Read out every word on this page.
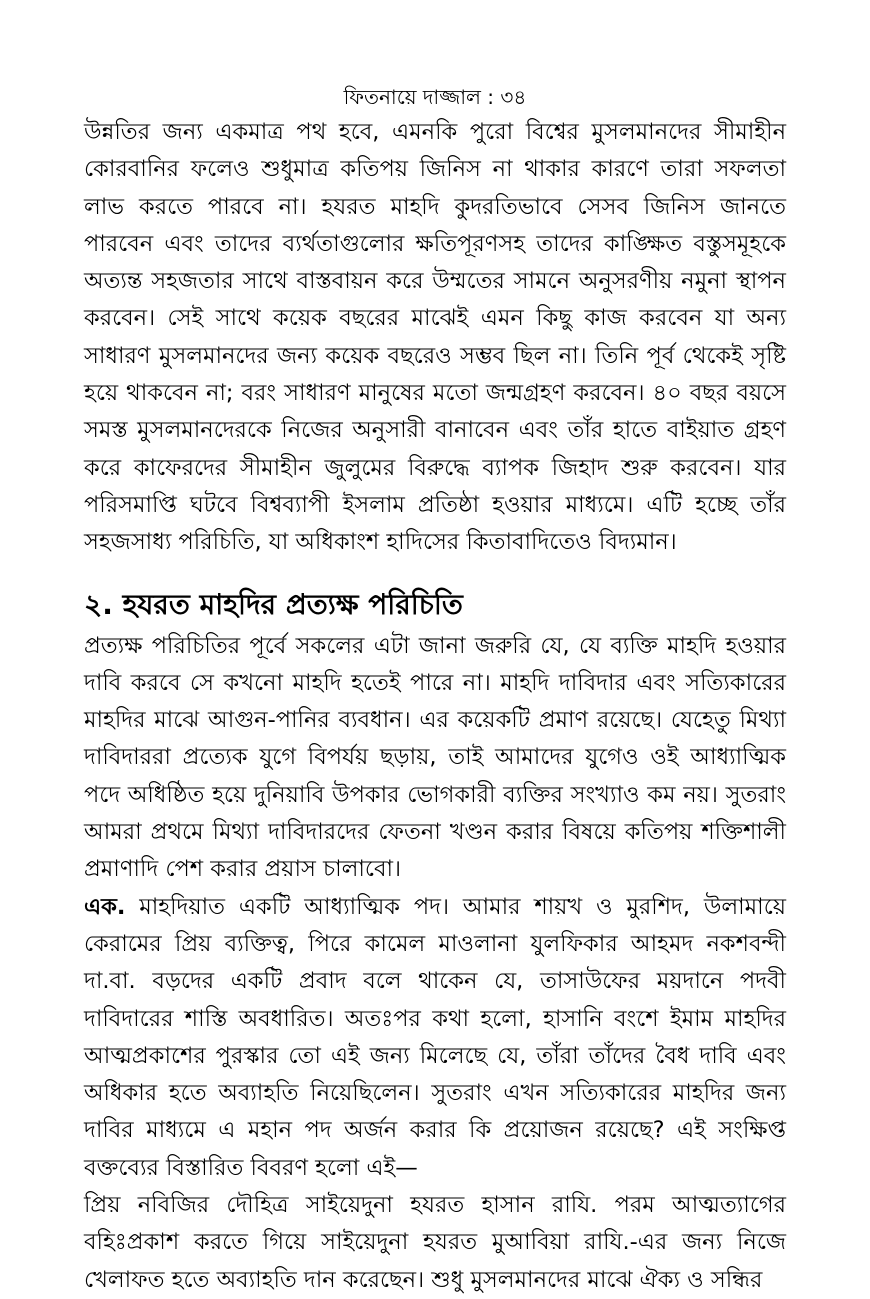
ফিতনায়ে দাজ্জাল : ৩৪

উন্নতির জন্য একমাত্র পথ হবে, এমনকি পুরো বিশ্বের মুসলমানদের সীমাহীন কোরবানির ফলেও শুধুমাত্র কতিপয় জিনিস না থাকার কারণে তারা সফলতা লাভ করতে পারবে না। হযরত মাহদি কুদরতিভাবে সেসব জিনিস জানতে পারবেন এবং তাদের ব্যর্থতাগুলোর ক্ষতিপূরণসহ তাদের কাঙ্ক্ষিত বস্তুসমূহকে অত্যন্ত সহজতার সাথে বাস্তবায়ন করে উম্মতের সামনে অনুসরণীয় নমুনা স্থাপন করবেন। সেই সাথে কয়েক বছরের মাঝেই এমন কিছু কাজ করবেন যা অন্য সাধারণ মুসলমানদের জন্য কয়েক বছরেও সম্ভব ছিল না। তিনি পূর্ব থেকেই সৃষ্টি হয়ে থাকবেন না; বরং সাধারণ মানুষের মতো জন্মগ্রহণ করবেন। ৪০ বছর বয়সে সমস্ত মুসলমানদেরকে নিজের অনুসারী বানাবেন এবং তাঁর হাতে বাইয়াত গ্রহণ করে কাফেরদের সীমাহীন জুলুমের বিরুদ্ধে ব্যাপক জিহাদ শুরু করবেন। যার পরিসমাপ্তি ঘটবে বিশ্বব্যাপী ইসলাম প্রতিষ্ঠা হওয়ার মাধ্যমে। এটি হচ্ছে তাঁর সহজসাধ্য পরিচিতি, যা অধিকাংশ হাদিসের কিতাবাদিতেও বিদ্যমান।

২. হযরত মাহদির প্রত্যক্ষ পরিচিতি

প্রত্যক্ষ পরিচিতির পূর্বে সকলের এটা জানা জরুরি যে, যে ব্যক্তি মাহদি হওয়ার দাবি করবে সে কখনো মাহদি হতেই পারে না। মাহদি দাবিদার এবং সত্যিকারের মাহদির মাঝে আগুন-পানির ব্যবধান। এর কয়েকটি প্রমাণ রয়েছে। যেহেতু মিথ্যা দাবিদাররা প্রত্যেক যুগে বিপর্যয় ছড়ায়, তাই আমাদের যুগেও ওই আধ্যাত্মিক পদে অধিষ্ঠিত হয়ে দুনিয়াবি উপকার ভোগকারী ব্যক্তির সংখ্যাও কম নয়। সুতরাং আমরা প্রথমে মিথ্যা দাবিদারদের ফেতনা খণ্ডন করার বিষয়ে কতিপয় শক্তিশালী প্রমাণাদি পেশ করার প্রয়াস চালাবো।

এক. মাহদিয়াত একটি আধ্যাত্মিক পদ। আমার শায়খ ও মুরশিদ, উলামায়ে কেরামের প্রিয় ব্যক্তিত্ব, পিরে কামেল মাওলানা যুলফিকার আহমদ নকশবন্দী দা.বা. বড়দের একটি প্রবাদ বলে থাকেন যে, তাসাউফের ময়দানে পদবী দাবিদারের শাস্তি অবধারিত। অতঃপর কথা হলো, হাসানি বংশে ইমাম মাহদির আত্মপ্রকাশের পুরস্কার তো এই জন্য মিলেছে যে, তাঁরা তাঁদের বৈধ দাবি এবং অধিকার হতে অব্যাহতি নিয়েছিলেন। সুতরাং এখন সত্যিকারের মাহদির জন্য দাবির মাধ্যমে এ মহান পদ অর্জন করার কি প্রয়োজন রয়েছে? এই সংক্ষিপ্ত বক্তব্যের বিস্তারিত বিবরণ হলো এই—

প্রিয় নবিজির দৌহিত্র সাইয়েদুনা হযরত হাসান রাযি. পরম আত্মত্যাগের বহিঃপ্রকাশ করতে গিয়ে সাইয়েদুনা হযরত মুআবিয়া রাযি.-এর জন্য নিজে খেলাফত হতে অব্যাহতি দান করেছেন। শুধু মুসলমানদের মাঝে ঐক্য ও সন্ধির
